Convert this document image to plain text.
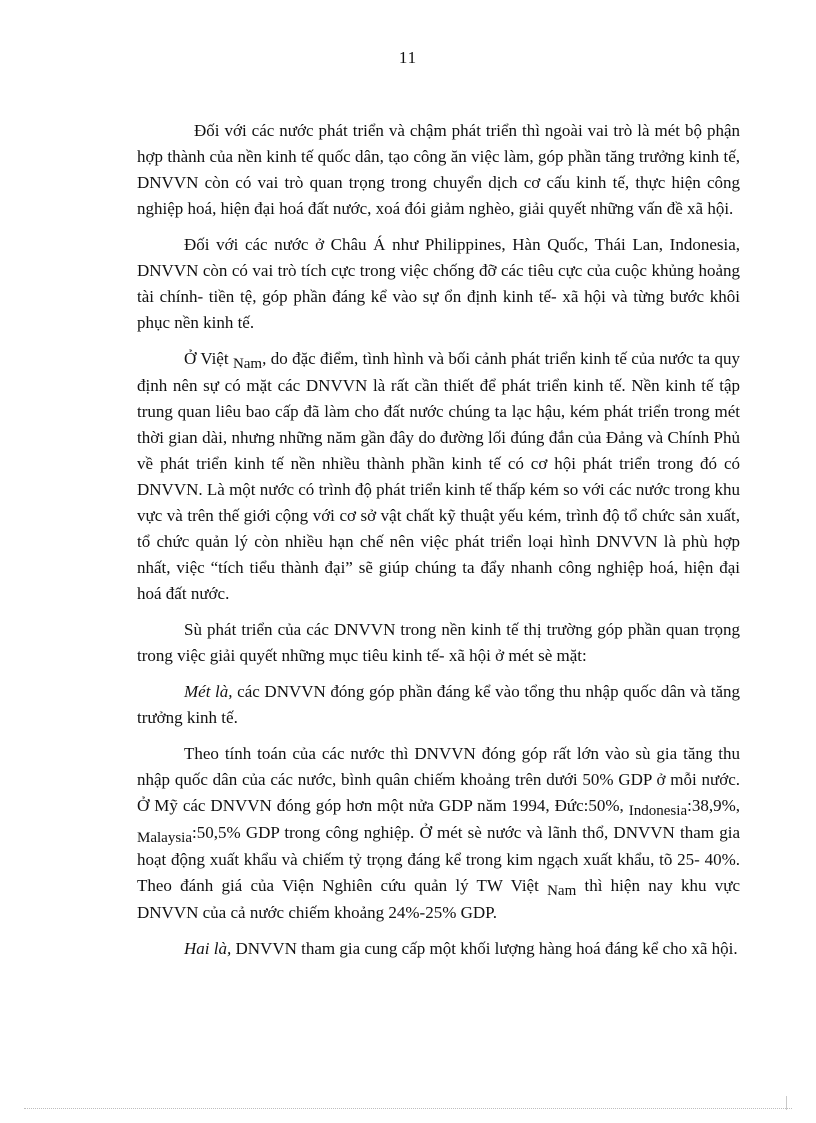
11

Đối với các nước phát triển và chậm phát triển thì ngoài vai trò là mét bộ phận hợp thành của nền kinh tế quốc dân, tạo công ăn việc làm, góp phần tăng trưởng kinh tế, DNVVN còn có vai trò quan trọng trong chuyển dịch cơ cấu kinh tế, thực hiện công nghiệp hoá, hiện đại hoá đất nước, xoá đói giảm nghèo, giải quyết những vấn đề xã hội.

Đối với các nước ở Châu Á như Philippines, Hàn Quốc, Thái Lan, Indonesia, DNVVN còn có vai trò tích cực trong việc chống đỡ các tiêu cực của cuộc khủng hoảng tài chính- tiền tệ, góp phần đáng kể vào sự ổn định kinh tế- xã hội và từng bước khôi phục nền kinh tế.

Ở Việt Nam, do đặc điểm, tình hình và bối cảnh phát triển kinh tế của nước ta quy định nên sự có mặt các DNVVN là rất cần thiết để phát triển kinh tế. Nền kinh tế tập trung quan liêu bao cấp đã làm cho đất nước chúng ta lạc hậu, kém phát triển trong mét thời gian dài, nhưng những năm gần đây do đường lối đúng đắn của Đảng và Chính Phủ về phát triển kinh tế nền nhiều thành phần kinh tế có cơ hội phát triển trong đó có DNVVN. Là một nước có trình độ phát triển kinh tế thấp kém so với các nước trong khu vực và trên thế giới cộng với cơ sở vật chất kỹ thuật yếu kém, trình độ tổ chức sản xuất, tổ chức quản lý còn nhiều hạn chế nên việc phát triển loại hình DNVVN là phù hợp nhất, việc “tích tiểu thành đại” sẽ giúp chúng ta đẩy nhanh công nghiệp hoá, hiện đại hoá đất nước.

Sù phát triển của các DNVVN trong nền kinh tế thị trường góp phần quan trọng trong việc giải quyết những mục tiêu kinh tế- xã hội ở mét sè mặt:

Mét là, các DNVVN đóng góp phần đáng kể vào tổng thu nhập quốc dân và tăng trưởng kinh tế.

Theo tính toán của các nước thì DNVVN đóng góp rất lớn vào sù gia tăng thu nhập quốc dân của các nước, bình quân chiếm khoảng trên dưới 50% GDP ở mỗi nước. Ở Mỹ các DNVVN đóng góp hơn một nửa GDP năm 1994, Đức:50%, Indonesia:38,9%, Malaysia:50,5% GDP trong công nghiệp. Ở mét sè nước và lãnh thổ, DNVVN tham gia hoạt động xuất khẩu và chiếm tỷ trọng đáng kể trong kim ngạch xuất khẩu, tõ 25- 40%. Theo đánh giá của Viện Nghiên cứu quản lý TW Việt Nam thì hiện nay khu vực DNVVN của cả nước chiếm khoảng 24%-25% GDP.

Hai là, DNVVN tham gia cung cấp một khối lượng hàng hoá đáng kể cho xã hội.
